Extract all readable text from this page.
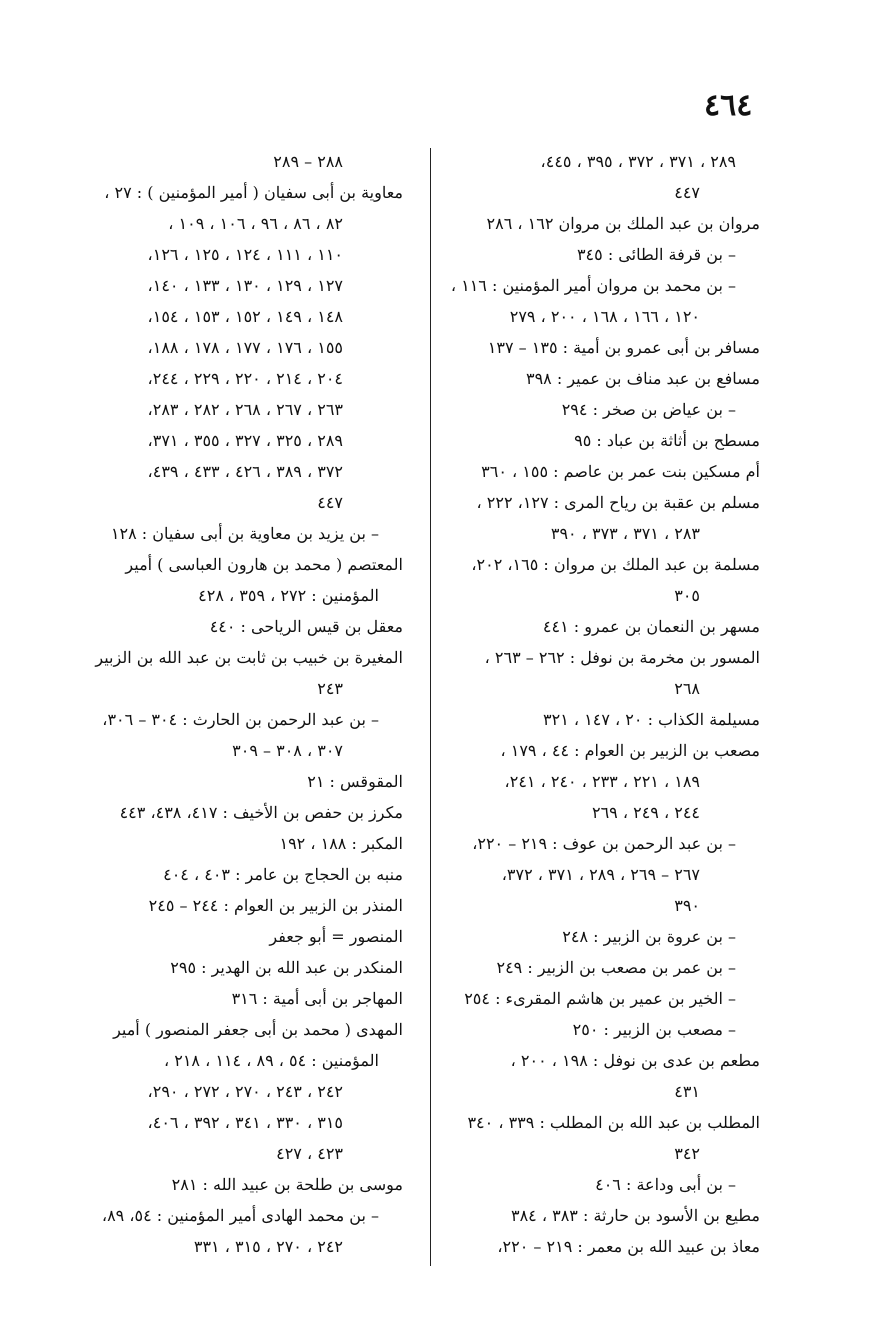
٤٦٤
٢٨٩ ، ٣٧١ ، ٣٧٢ ، ٣٩٥ ، ٤٤٥،
٤٤٧
مروان بن عبد الملك بن مروان ١٦٢ ، ٢٨٦
– بن قرفة الطائى : ٣٤٥
– بن محمد بن مروان أمير المؤمنين : ١١٦ ،
١٢٠ ، ١٦٦ ، ١٦٨ ، ٢٠٠ ، ٢٧٩
مسافر بن أبى عمرو بن أمية : ١٣٥ – ١٣٧
مسافع بن عبد مناف بن عمير : ٣٩٨
– بن عياض بن صخر : ٢٩٤
مسطح بن أثاثة بن عباد : ٩٥
أم مسكين بنت عمر بن عاصم : ١٥٥ ، ٣٦٠
مسلم بن عقبة بن رياح المرى : ١٢٧، ٢٢٢ ،
٢٨٣ ، ٣٧١ ، ٣٧٣ ، ٣٩٠
مسلمة بن عبد الملك بن مروان : ١٦٥، ٢٠٢،
٣٠٥
مسهر بن النعمان بن عمرو : ٤٤١
المسور بن مخرمة بن نوفل : ٢٦٢ – ٢٦٣ ،
٢٦٨
مسيلمة الكذاب : ٢٠ ، ١٤٧ ، ٣٢١
مصعب بن الزبير بن العوام : ٤٤ ، ١٧٩ ،
١٨٩ ، ٢٢١ ، ٢٣٣ ، ٢٤٠ ، ٢٤١،
٢٤٤ ، ٢٤٩ ، ٢٦٩
– بن عبد الرحمن بن عوف : ٢١٩ – ٢٢٠،
٢٦٧ – ٢٦٩ ، ٢٨٩ ، ٣٧١ ، ٣٧٢،
٣٩٠
– بن عروة بن الزبير : ٢٤٨
– بن عمر بن مصعب بن الزبير : ٢٤٩
– الخير بن عمير بن هاشم المقرىء : ٢٥٤
– مصعب بن الزبير : ٢٥٠
مطعم بن عدى بن نوفل : ١٩٨ ، ٢٠٠ ،
٤٣١
المطلب بن عبد الله بن المطلب : ٣٣٩ ، ٣٤٠
٣٤٢
– بن أبى وداعة : ٤٠٦
مطيع بن الأسود بن حارثة : ٣٨٣ ، ٣٨٤
معاذ بن عبيد الله بن معمر : ٢١٩ – ٢٢٠،
٢٨٨ – ٢٨٩
معاوية بن أبى سفيان ( أمير المؤمنين ) : ٢٧ ،
٨٢ ، ٨٦ ، ٩٦ ، ١٠٦ ، ١٠٩ ،
١١٠ ، ١١١ ، ١٢٤ ، ١٢٥ ، ١٢٦،
١٢٧ ، ١٢٩ ، ١٣٠ ، ١٣٣ ، ١٤٠،
١٤٨ ، ١٤٩ ، ١٥٢ ، ١٥٣ ، ١٥٤،
١٥٥ ، ١٧٦ ، ١٧٧ ، ١٧٨ ، ١٨٨،
٢٠٤ ، ٢١٤ ، ٢٢٠ ، ٢٢٩ ، ٢٤٤،
٢٦٣ ، ٢٦٧ ، ٢٦٨ ، ٢٨٢ ، ٢٨٣،
٢٨٩ ، ٣٢٥ ، ٣٢٧ ، ٣٥٥ ، ٣٧١،
٣٧٢ ، ٣٨٩ ، ٤٢٦ ، ٤٣٣ ، ٤٣٩،
٤٤٧
– بن يزيد بن معاوية بن أبى سفيان : ١٢٨
المعتصم ( محمد بن هارون العباسى ) أمير
المؤمنين : ٢٧٢ ، ٣٥٩ ، ٤٢٨
معقل بن قيس الرياحى : ٤٤٠
المغيرة بن خبيب بن ثابت بن عبد الله بن الزبير
٢٤٣
– بن عبد الرحمن بن الحارث : ٣٠٤ – ٣٠٦،
٣٠٧ ، ٣٠٨ – ٣٠٩
المقوقس : ٢١
مكرز بن حفص بن الأخيف : ٤١٧، ٤٣٨، ٤٤٣
المكبر : ١٨٨ ، ١٩٢
منبه بن الحجاج بن عامر : ٤٠٣ ، ٤٠٤
المنذر بن الزبير بن العوام : ٢٤٤ – ٢٤٥
المنصور = أبو جعفر
المنكدر بن عبد الله بن الهدير : ٢٩٥
المهاجر بن أبى أمية : ٣١٦
المهدى ( محمد بن أبى جعفر المنصور ) أمير
المؤمنين : ٥٤ ، ٨٩ ، ١١٤ ، ٢١٨ ،
٢٤٢ ، ٢٤٣ ، ٢٧٠ ، ٢٧٢ ، ٢٩٠،
٣١٥ ، ٣٣٠ ، ٣٤١ ، ٣٩٢ ، ٤٠٦،
٤٢٣ ، ٤٢٧
موسى بن طلحة بن عبيد الله : ٢٨١
– بن محمد الهادى أمير المؤمنين : ٥٤، ٨٩،
٢٤٢ ، ٢٧٠ ، ٣١٥ ، ٣٣١
